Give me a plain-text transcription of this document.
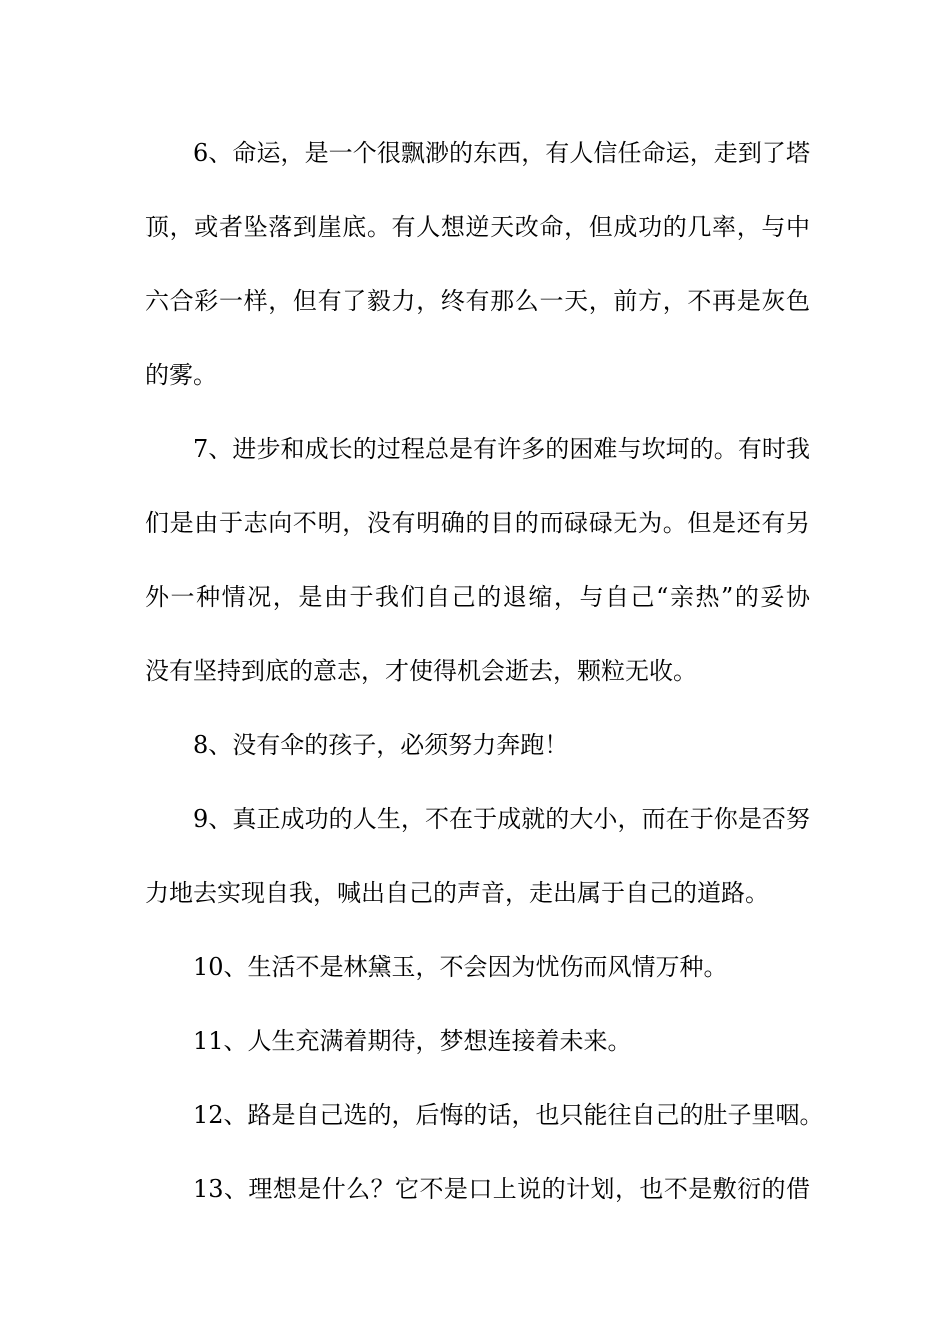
6、命运，是一个很飘渺的东西，有人信任命运，走到了塔
顶，或者坠落到崖底。有人想逆天改命，但成功的几率，与中
六合彩一样，但有了毅力，终有那么一天，前方，不再是灰色
的雾。
7、进步和成长的过程总是有许多的困难与坎坷的。有时我
们是由于志向不明，没有明确的目的而碌碌无为。但是还有另
外一种情况，是由于我们自己的退缩，与自己“亲热”的妥协
没有坚持到底的意志，才使得机会逝去，颗粒无收。
8、没有伞的孩子，必须努力奔跑！
9、真正成功的人生，不在于成就的大小，而在于你是否努
力地去实现自我，喊出自己的声音，走出属于自己的道路。
10、生活不是林黛玉，不会因为忧伤而风情万种。
11、人生充满着期待，梦想连接着未来。
12、路是自己选的，后悔的话，也只能往自己的肚子里咽。
13、理想是什么？它不是口上说的计划，也不是敷衍的借
